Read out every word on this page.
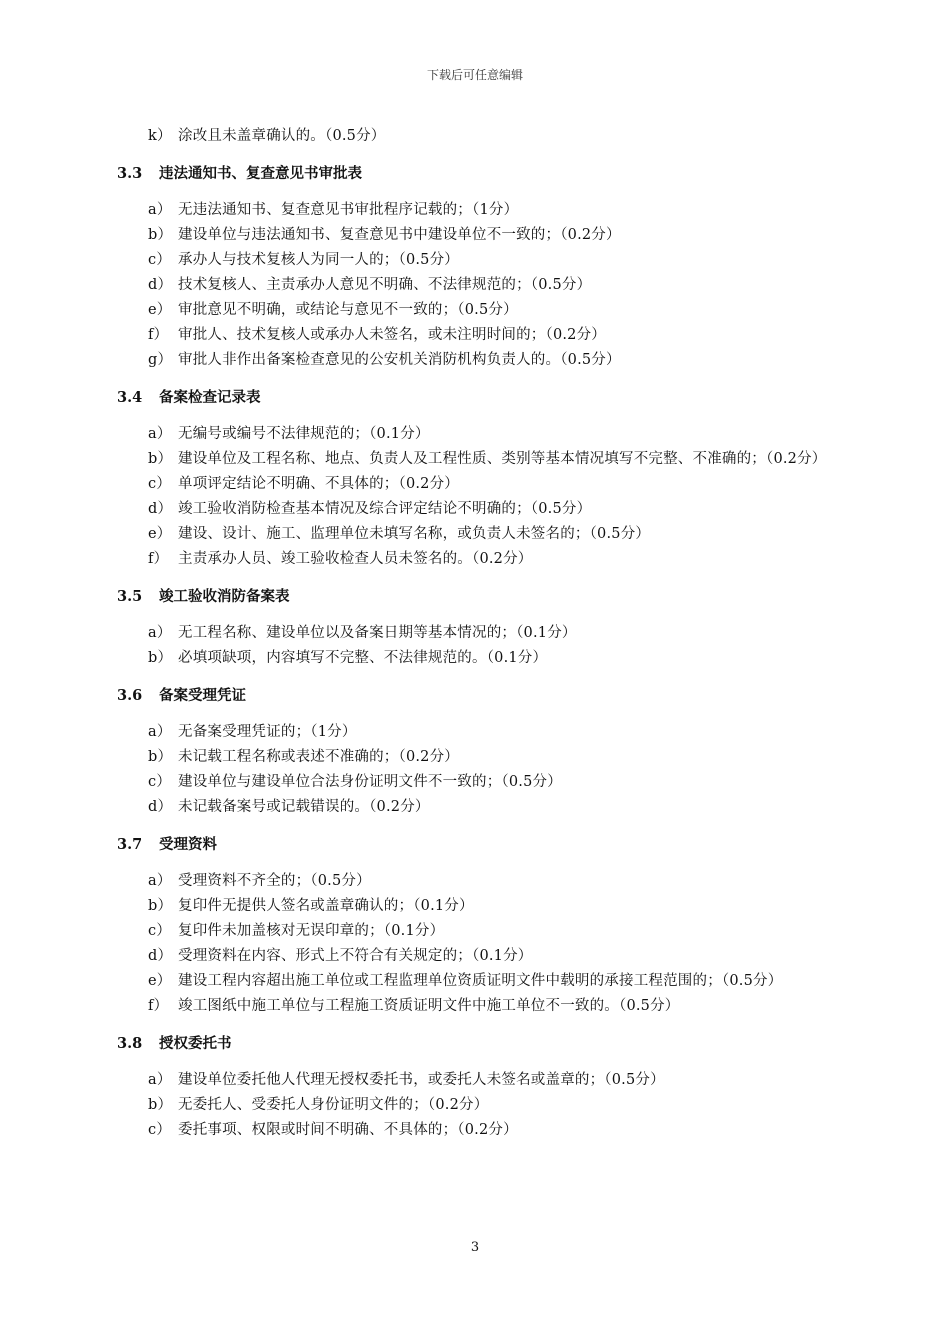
下载后可任意编辑
k） 涂改且未盖章确认的。（0.5分）
3.3 违法通知书、复查意见书审批表
a） 无违法通知书、复查意见书审批程序记载的；（1分）
b） 建设单位与违法通知书、复查意见书中建设单位不一致的；（0.2分）
c） 承办人与技术复核人为同一人的；（0.5分）
d） 技术复核人、主责承办人意见不明确、不法律规范的；（0.5分）
e） 审批意见不明确，或结论与意见不一致的；（0.5分）
f） 审批人、技术复核人或承办人未签名，或未注明时间的；（0.2分）
g） 审批人非作出备案检查意见的公安机关消防机构负责人的。（0.5分）
3.4 备案检查记录表
a） 无编号或编号不法律规范的；（0.1分）
b） 建设单位及工程名称、地点、负责人及工程性质、类别等基本情况填写不完整、不准确的；（0.2分）
c） 单项评定结论不明确、不具体的；（0.2分）
d） 竣工验收消防检查基本情况及综合评定结论不明确的；（0.5分）
e） 建设、设计、施工、监理单位未填写名称，或负责人未签名的；（0.5分）
f） 主责承办人员、竣工验收检查人员未签名的。（0.2分）
3.5 竣工验收消防备案表
a） 无工程名称、建设单位以及备案日期等基本情况的；（0.1分）
b） 必填项缺项，内容填写不完整、不法律规范的。（0.1分）
3.6 备案受理凭证
a） 无备案受理凭证的；（1分）
b） 未记载工程名称或表述不准确的；（0.2分）
c） 建设单位与建设单位合法身份证明文件不一致的；（0.5分）
d） 未记载备案号或记载错误的。（0.2分）
3.7 受理资料
a） 受理资料不齐全的；（0.5分）
b） 复印件无提供人签名或盖章确认的；（0.1分）
c） 复印件未加盖核对无误印章的；（0.1分）
d） 受理资料在内容、形式上不符合有关规定的；（0.1分）
e） 建设工程内容超出施工单位或工程监理单位资质证明文件中载明的承接工程范围的；（0.5分）
f） 竣工图纸中施工单位与工程施工资质证明文件中施工单位不一致的。（0.5分）
3.8 授权委托书
a） 建设单位委托他人代理无授权委托书，或委托人未签名或盖章的；（0.5分）
b） 无委托人、受委托人身份证明文件的；（0.2分）
c） 委托事项、权限或时间不明确、不具体的；（0.2分）
3
